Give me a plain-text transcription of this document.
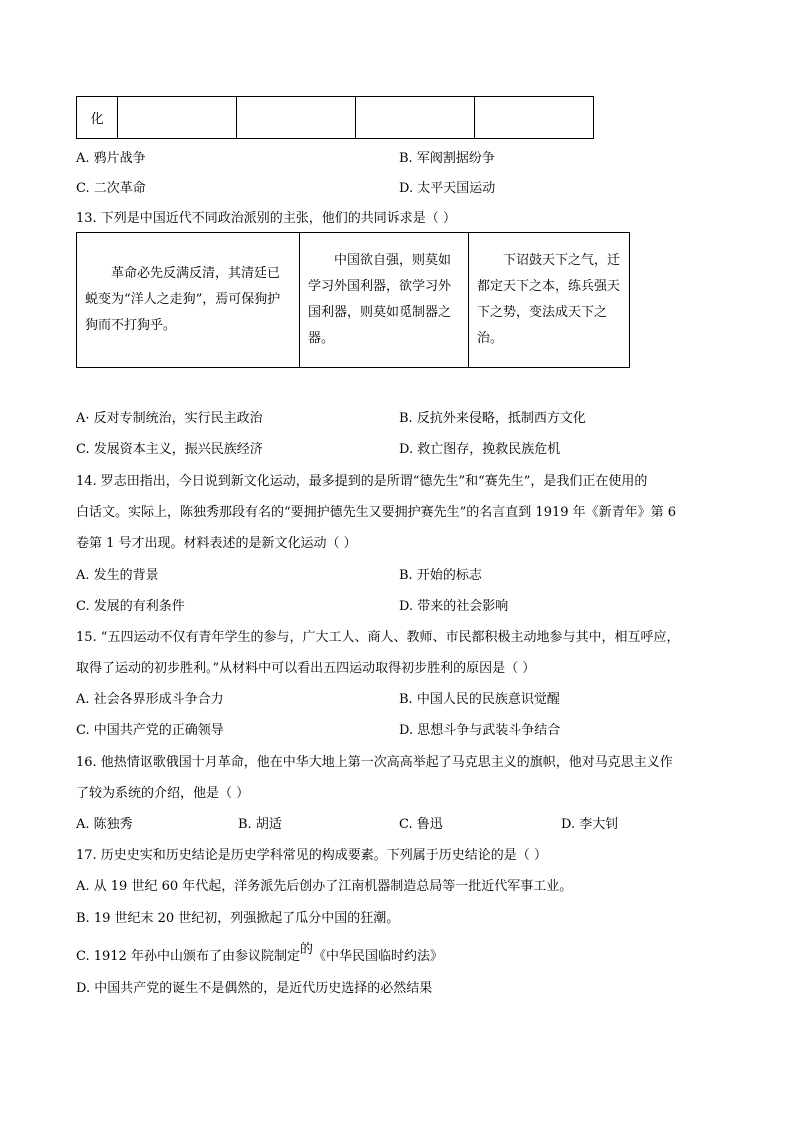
化				
A. 鸦片战争	B. 军阀割据纷争
C. 二次革命	D. 太平天国运动
13. 下列是中国近代不同政治派别的主张，他们的共同诉求是（ ）
革命必先反满反清，其清廷已蜕变为“洋人之走狗”，焉可保狗护狗而不打狗乎。	中国欲自强，则莫如学习外国利器，欲学习外国利器，则莫如觅制器之器。	下诏鼓天下之气，迁都定天下之本，练兵强天下之势，变法成天下之治。
A· 反对专制统治，实行民主政治	B. 反抗外来侵略，抵制西方文化
C. 发展资本主义，振兴民族经济	D. 救亡图存，挽救民族危机
14. 罗志田指出，今日说到新文化运动，最多提到的是所谓“德先生”和“赛先生”，是我们正在使用的
白话文。实际上，陈独秀那段有名的“要拥护德先生又要拥护赛先生”的名言直到 1919 年《新青年》第 6
卷第 1 号才出现。材料表述的是新文化运动（ ）
A. 发生的背景	B. 开始的标志
C. 发展的有利条件	D. 带来的社会影响
15. “五四运动不仅有青年学生的参与，广大工人、商人、教师、市民都积极主动地参与其中，相互呼应，
取得了运动的初步胜利。”从材料中可以看出五四运动取得初步胜利的原因是（ ）
A. 社会各界形成斗争合力	B. 中国人民的民族意识觉醒
C. 中国共产党的正确领导	D. 思想斗争与武装斗争结合
16. 他热情讴歌俄国十月革命，他在中华大地上第一次高高举起了马克思主义的旗帜，他对马克思主义作
了较为系统的介绍，他是（ ）
A. 陈独秀	B. 胡适	C. 鲁迅	D. 李大钊
17. 历史史实和历史结论是历史学科常见的构成要素。下列属于历史结论的是（ ）
A. 从 19 世纪 60 年代起，洋务派先后创办了江南机器制造总局等一批近代军事工业。
B. 19 世纪末 20 世纪初，列强掀起了瓜分中国的狂潮。
C. 1912 年孙中山颁布了由参议院制定的《中华民国临时约法》
D. 中国共产党的诞生不是偶然的，是近代历史选择的必然结果
